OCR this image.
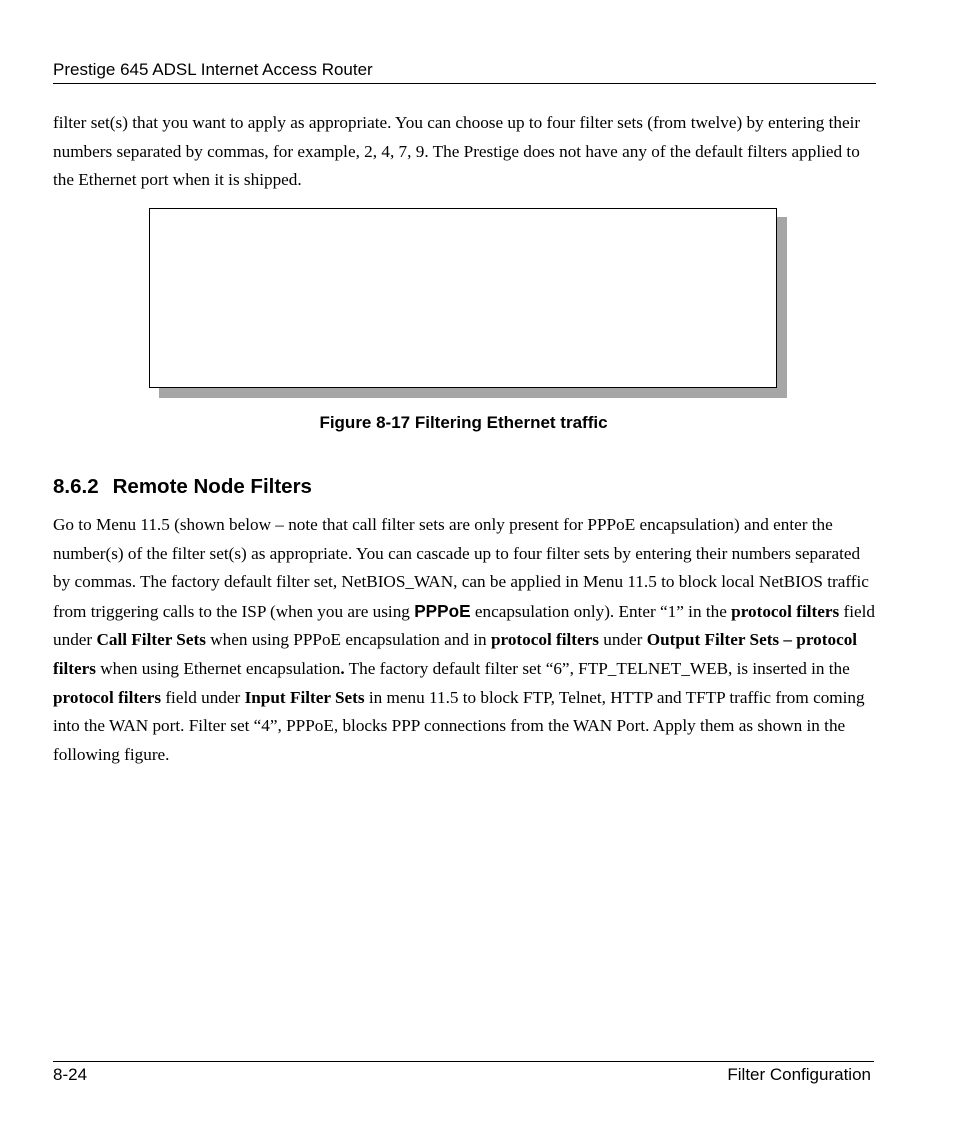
Prestige 645 ADSL Internet Access Router

filter set(s) that you want to apply as appropriate. You can choose up to four filter sets (from twelve) by entering their numbers separated by commas, for example, 2, 4, 7, 9. The Prestige does not have any of the default filters applied to the Ethernet port when it is shipped.

Figure 8-17 Filtering Ethernet traffic
8.6.2 Remote Node Filters

Go to Menu 11.5 (shown below – note that call filter sets are only present for PPPoE encapsulation) and enter the number(s) of the filter set(s) as appropriate. You can cascade up to four filter sets by entering their numbers separated by commas. The factory default filter set, NetBIOS_WAN, can be applied in Menu 11.5 to block local NetBIOS traffic from triggering calls to the ISP (when you are using PPPoE encapsulation only). Enter “1” in the protocol filters field under Call Filter Sets when using PPPoE encapsulation and in protocol filters under Output Filter Sets – protocol filters when using Ethernet encapsulation. The factory default filter set “6”, FTP_TELNET_WEB, is inserted in the protocol filters field under Input Filter Sets in menu 11.5 to block FTP, Telnet, HTTP and TFTP traffic from coming into the WAN port. Filter set “4”, PPPoE, blocks PPP connections from the WAN Port. Apply them as shown in the following figure.

8-24	Filter Configuration
